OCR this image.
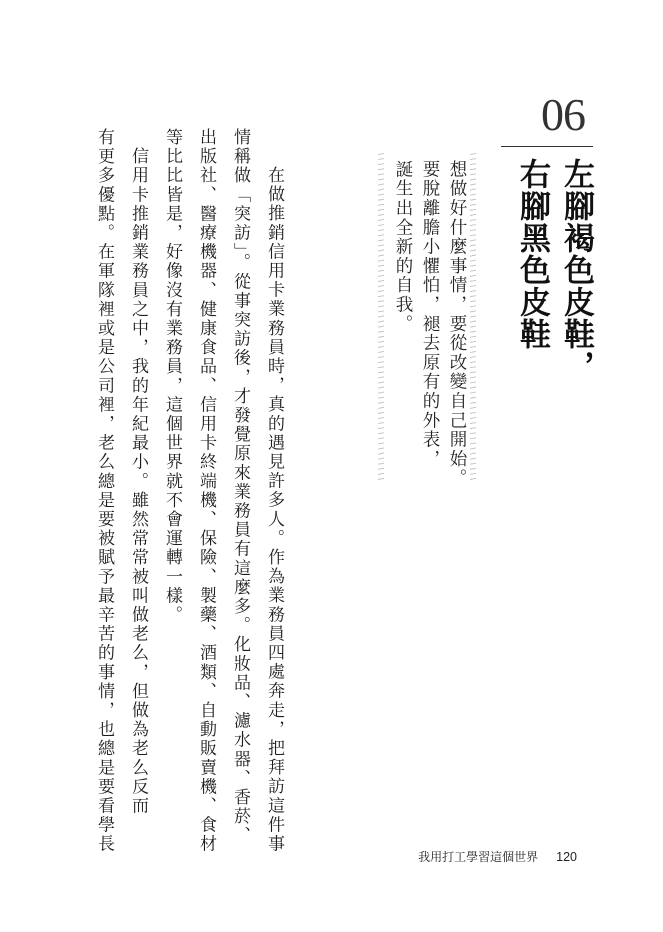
06
左腳褐色皮鞋，
右腳黑色皮鞋
想做好什麼事情，要從改變自己開始。
要脫離膽小懼怕，褪去原有的外表，
誕生出全新的自我。
在做推銷信用卡業務員時，真的遇見許多人。作為業務員四處奔走，把拜訪這件事
情稱做「突訪」。從事突訪後，才發覺原來業務員有這麼多。化妝品、濾水器、香菸、
出版社、醫療機器、健康食品、信用卡終端機、保險、製藥、酒類、自動販賣機、食材
等比比皆是，好像沒有業務員，這個世界就不會運轉一樣。
　信用卡推銷業務員之中，我的年紀最小。雖然常常被叫做老么，但做為老么反而
有更多優點。在軍隊裡或是公司裡，老么總是要被賦予最辛苦的事情，也總是要看學長
我用打工學習這個世界 120
